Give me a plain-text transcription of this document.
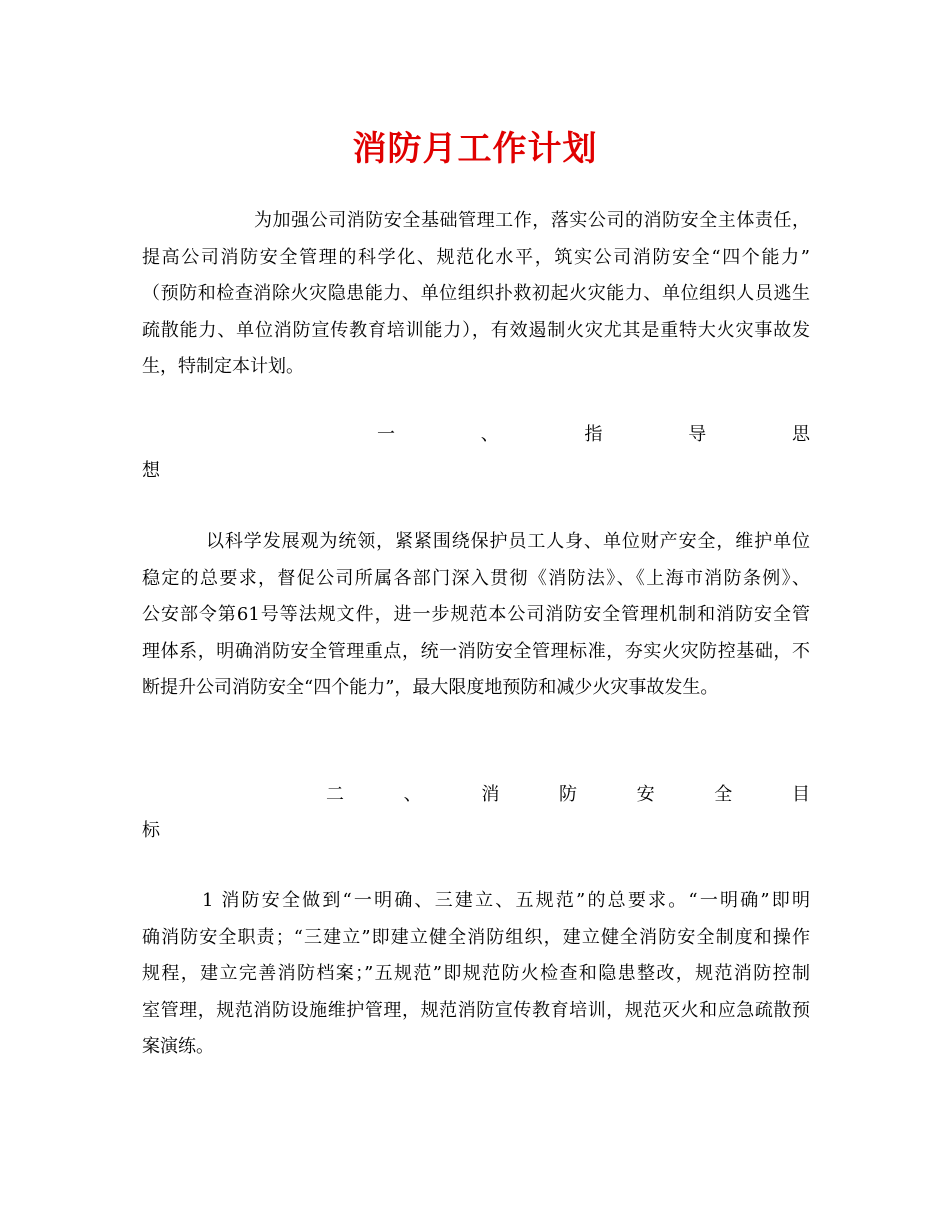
消防月工作计划
为加强公司消防安全基础管理工作，落实公司的消防安全主体责任，
提高公司消防安全管理的科学化、规范化水平，筑实公司消防安全“四个能力”
（预防和检查消除火灾隐患能力、单位组织扑救初起火灾能力、单位组织人员逃生
疏散能力、单位消防宣传教育培训能力），有效遏制火灾尤其是重特大火灾事故发
生，特制定本计划。
一	、	指	导	思
想
以科学发展观为统领，紧紧围绕保护员工人身、单位财产安全，维护单位
稳定的总要求，督促公司所属各部门深入贯彻《消防法》、《上海市消防条例》、
公安部令第61号等法规文件，进一步规范本公司消防安全管理机制和消防安全管
理体系，明确消防安全管理重点，统一消防安全管理标准，夯实火灾防控基础，不
断提升公司消防安全“四个能力”，最大限度地预防和减少火灾事故发生。
二	、	消	防	安	全	目
标
1 消防安全做到“一明确、三建立、五规范”的总要求。“一明确”即明
确消防安全职责；“三建立”即建立健全消防组织，建立健全消防安全制度和操作
规程，建立完善消防档案；”五规范”即规范防火检查和隐患整改，规范消防控制
室管理，规范消防设施维护管理，规范消防宣传教育培训，规范灭火和应急疏散预
案演练。
